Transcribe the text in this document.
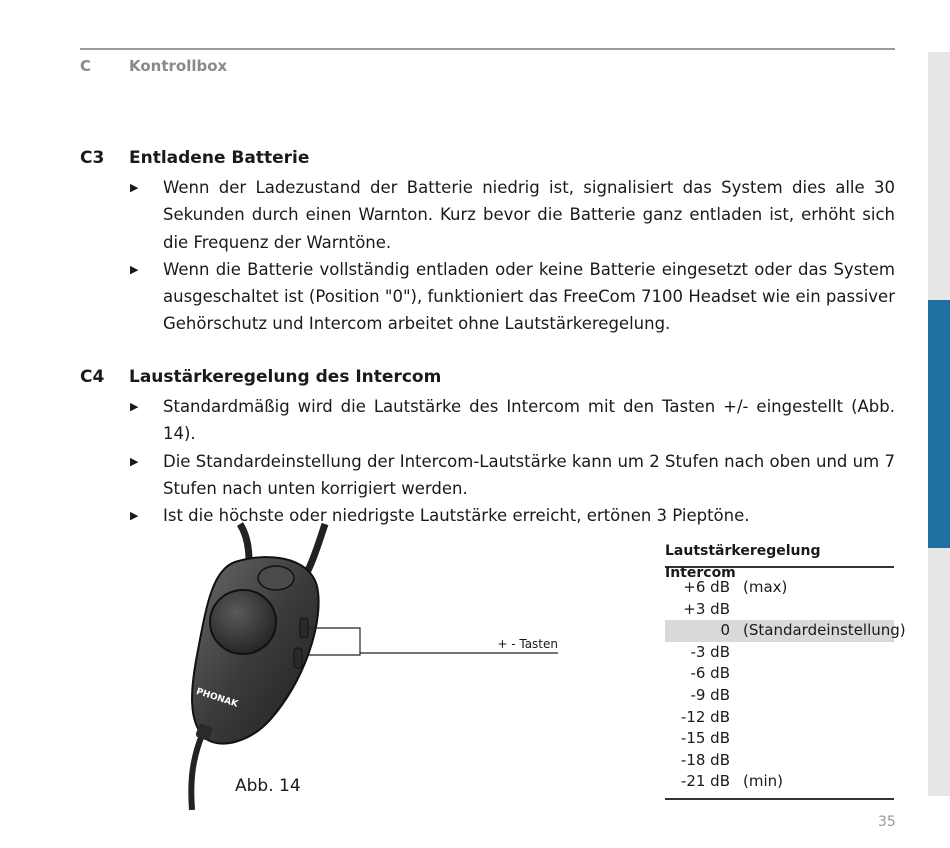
C	Kontrollbox
C3 Entladene Batterie
▶ Wenn der Ladezustand der Batterie niedrig ist, signalisiert das System dies alle 30 Sekunden durch einen Warnton. Kurz bevor die Batterie ganz entladen ist, erhöht sich die Frequenz der Warntöne.
▶ Wenn die Batterie vollständig entladen oder keine Batterie eingesetzt oder das System ausgeschaltet ist (Position "0"), funktioniert das FreeCom 7100 Headset wie ein passiver Gehörschutz und Intercom arbeitet ohne Lautstärkeregelung.
C4 Laustärkeregelung des Intercom
▶ Standardmäßig wird die Lautstärke des Intercom mit den Tasten +/- eingestellt (Abb. 14).
▶ Die Standardeinstellung der Intercom-Lautstärke kann um 2 Stufen nach oben und um 7 Stufen nach unten korrigiert werden.
▶ Ist die höchste oder niedrigste Lautstärke erreicht, ertönen 3 Pieptöne.
PHONAK
+ - Tasten
Abb. 14
Lautstärkeregelung Intercom
+6 dB (max)
+3 dB
0 (Standardeinstellung)
-3 dB
-6 dB
-9 dB
-12 dB
-15 dB
-18 dB
-21 dB (min)
35
